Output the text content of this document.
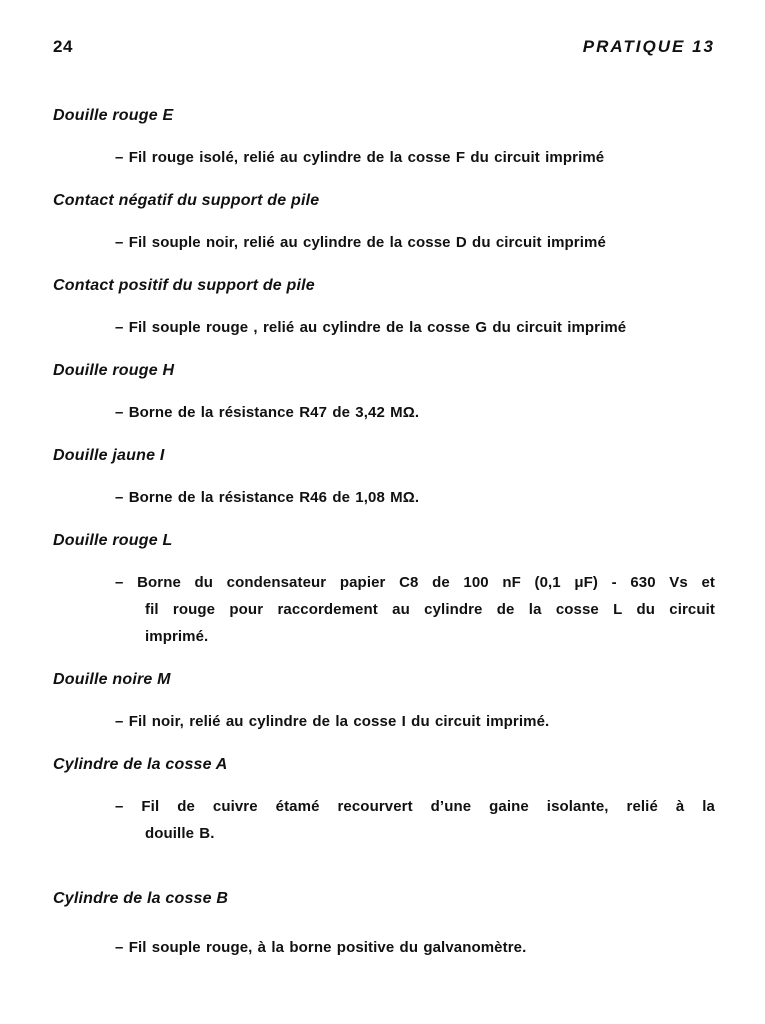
24	PRATIQUE 13
Douille rouge E
– Fil rouge isolé, relié au cylindre de la cosse F du circuit imprimé
Contact négatif du support de pile
– Fil souple noir, relié au cylindre de la cosse D du circuit imprimé
Contact positif du support de pile
– Fil souple rouge , relié au cylindre de la cosse G du circuit imprimé
Douille rouge H
– Borne de la résistance R47 de 3,42 MΩ.
Douille jaune I
– Borne de la résistance R46 de 1,08 MΩ.
Douille rouge L
– Borne du condensateur papier C8 de 100 nF (0,1 μF) - 630 Vs et
fil rouge pour raccordement au cylindre de la cosse L du circuit
imprimé.
Douille noire M
– Fil noir, relié au cylindre de la cosse I du circuit imprimé.
Cylindre de la cosse A
– Fil de cuivre étamé recourvert d’une gaine isolante, relié à la
douille B.
Cylindre de la cosse B
– Fil souple rouge, à la borne positive du galvanomètre.
